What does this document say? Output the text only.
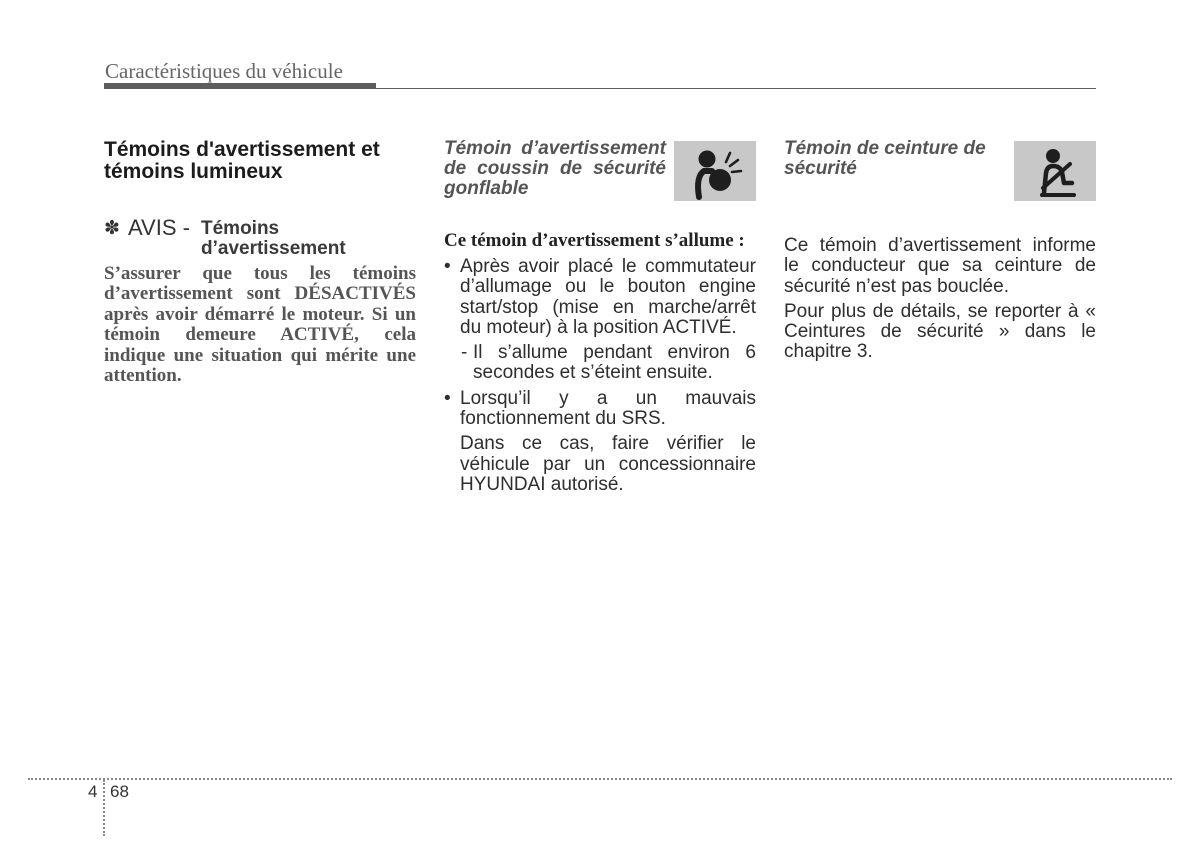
Caractéristiques du véhicule
Témoins d'avertissement et
témoins lumineux
✽ AVIS - Témoins
d’avertissement
S’assurer que tous les témoins
d’avertissement sont DÉSACTIVÉS
après avoir démarré le moteur. Si un
témoin demeure ACTIVÉ, cela
indique une situation qui mérite une
attention.
Témoin d’avertissement
de coussin de sécurité
gonflable
Ce témoin d’avertissement s’allume :
• Après avoir placé le commutateur
d’allumage ou le bouton engine
start/stop (mise en marche/arrêt
du moteur) à la position ACTIVÉ.
- Il s’allume pendant environ 6
secondes et s’éteint ensuite.
• Lorsqu’il y a un mauvais
fonctionnement du SRS.
Dans ce cas, faire vérifier le
véhicule par un concessionnaire
HYUNDAI autorisé.
Témoin de ceinture de
sécurité
Ce témoin d’avertissement informe
le conducteur que sa ceinture de
sécurité n’est pas bouclée.
Pour plus de détails, se reporter à «
Ceintures de sécurité » dans le
chapitre 3.
4 68
